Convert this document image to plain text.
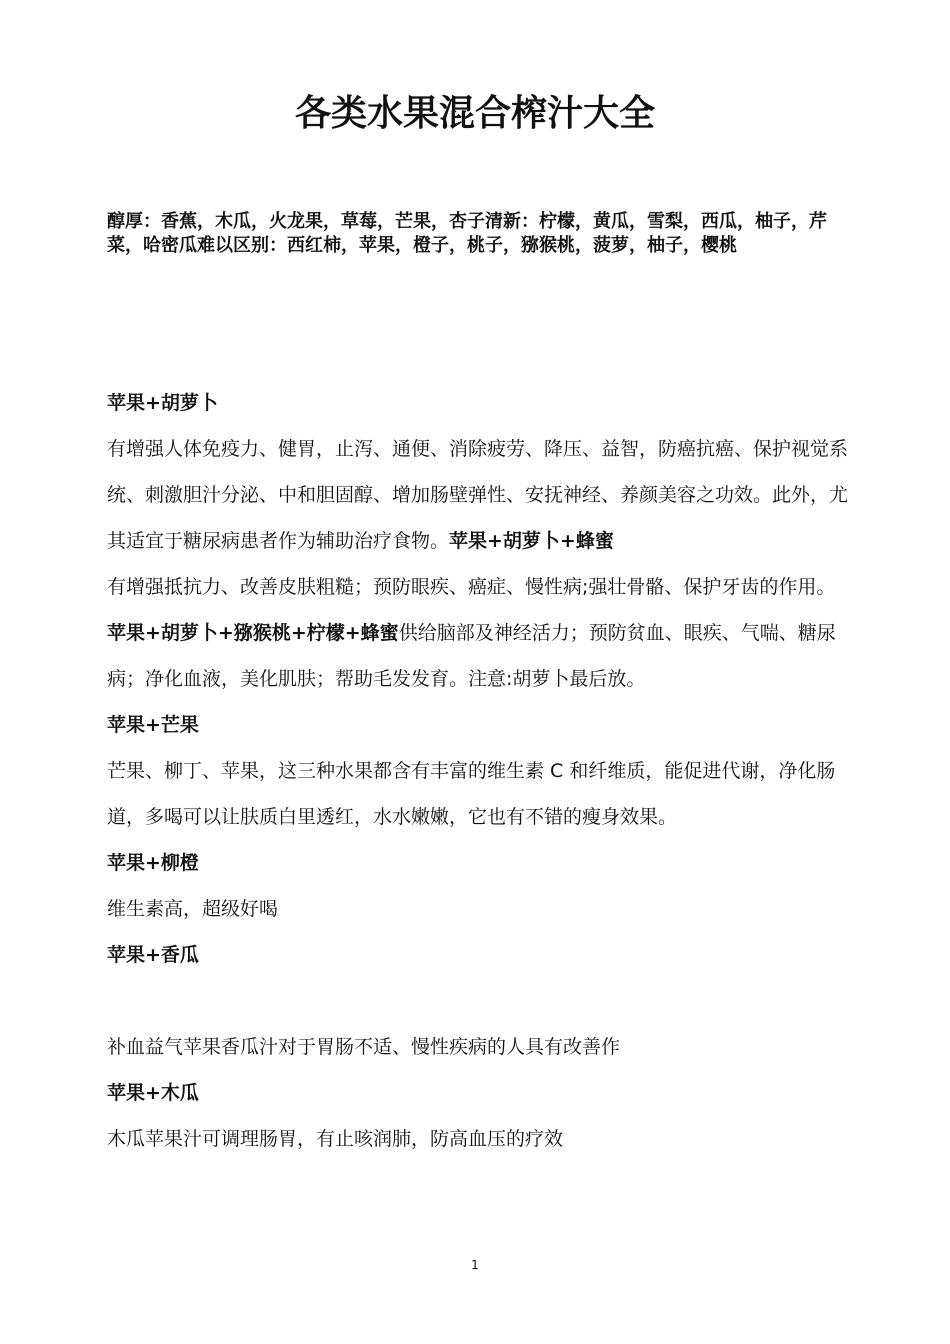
各类水果混合榨汁大全

醇厚：香蕉，木瓜，火龙果，草莓，芒果，杏子清新：柠檬，黄瓜，雪梨，西瓜，柚子，芹菜，哈密瓜难以区别：西红柿，苹果，橙子，桃子，猕猴桃，菠萝，柚子，樱桃

苹果+胡萝卜

有增强人体免疫力、健胃，止泻、通便、消除疲劳、降压、益智，防癌抗癌、保护视觉系统、刺激胆汁分泌、中和胆固醇、增加肠壁弹性、安抚神经、养颜美容之功效。此外，尤其适宜于糖尿病患者作为辅助治疗食物。苹果+胡萝卜+蜂蜜

有增强抵抗力、改善皮肤粗糙；预防眼疾、癌症、慢性病;强壮骨骼、保护牙齿的作用。

苹果+胡萝卜+猕猴桃+柠檬+蜂蜜供给脑部及神经活力；预防贫血、眼疾、气喘、糖尿病；净化血液，美化肌肤；帮助毛发发育。注意:胡萝卜最后放。

苹果+芒果

芒果、柳丁、苹果，这三种水果都含有丰富的维生素 C 和纤维质，能促进代谢，净化肠道，多喝可以让肤质白里透红，水水嫩嫩，它也有不错的瘦身效果。

苹果+柳橙

维生素高，超级好喝

苹果+香瓜

补血益气苹果香瓜汁对于胃肠不适、慢性疾病的人具有改善作

苹果+木瓜

木瓜苹果汁可调理肠胃，有止咳润肺，防高血压的疗效

1
